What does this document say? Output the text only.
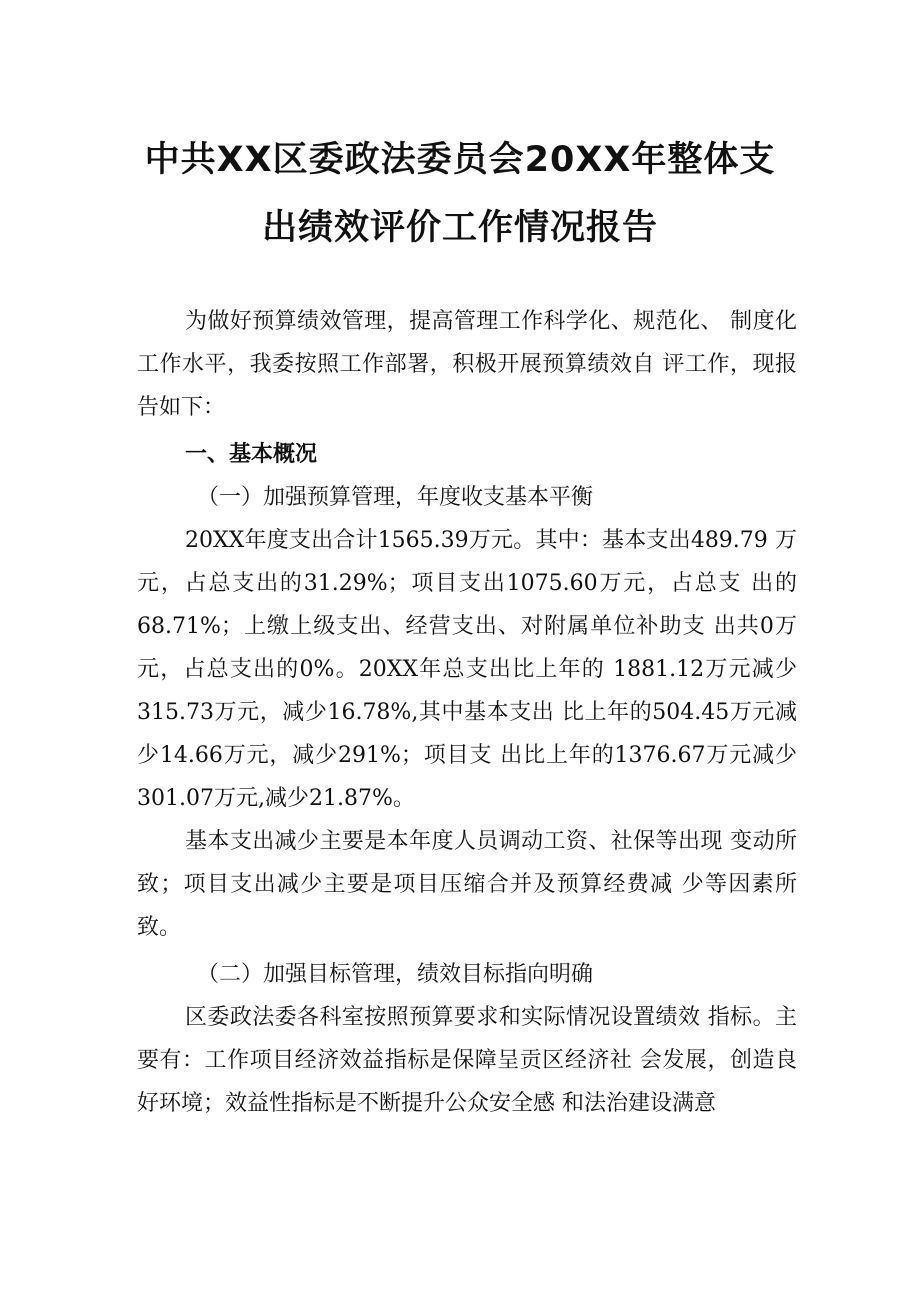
中共XX区委政法委员会20XX年整体支
出绩效评价工作情况报告

为做好预算绩效管理，提高管理工作科学化、规范化、 制度化工作水平，我委按照工作部署，积极开展预算绩效自 评工作，现报告如下：

一、基本概况

（一）加强预算管理，年度收支基本平衡

20XX年度支出合计1565.39万元。其中：基本支出489.79 万元，占总支出的31.29%；项目支出1075.60万元，占总支 出的68.71%；上缴上级支出、经营支出、对附属单位补助支 出共0万元，占总支出的0%。20XX年总支出比上年的 1881.12万元减少315.73万元，减少16.78%,其中基本支出 比上年的504.45万元减少14.66万元，减少291%；项目支 出比上年的1376.67万元减少301.07万元,减少21.87%。

基本支出减少主要是本年度人员调动工资、社保等出现 变动所致；项目支出减少主要是项目压缩合并及预算经费减 少等因素所致。

（二）加强目标管理，绩效目标指向明确

区委政法委各科室按照预算要求和实际情况设置绩效 指标。主要有：工作项目经济效益指标是保障呈贡区经济社 会发展，创造良好环境；效益性指标是不断提升公众安全感 和法治建设满意
